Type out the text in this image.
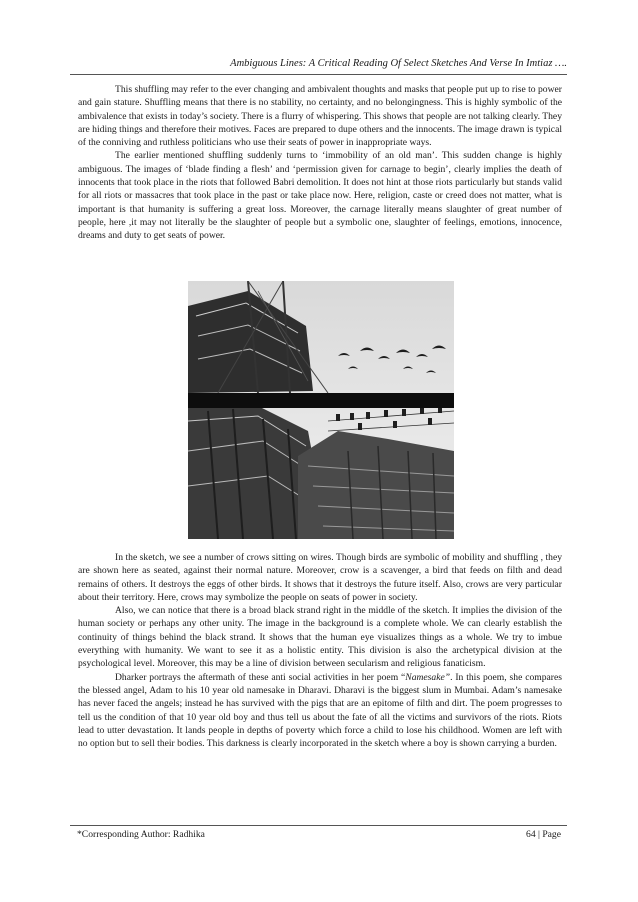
Ambiguous Lines: A Critical Reading Of Select Sketches And Verse In Imtiaz ….

This shuffling may refer to the ever changing and ambivalent thoughts and masks that people put up to rise to power and gain stature. Shuffling means that there is no stability, no certainty, and no belongingness. This is highly symbolic of the ambivalence that exists in today’s society. There is a flurry of whispering. This shows that people are not talking clearly. They are hiding things and therefore their motives. Faces are prepared to dupe others and the innocents. The image drawn is typical of the conniving and ruthless politicians who use their seats of power in inappropriate ways.

The earlier mentioned shuffling suddenly turns to ‘immobility of an old man’. This sudden change is highly ambiguous. The images of ‘blade finding a flesh’ and ‘permission given for carnage to begin’, clearly implies the death of innocents that took place in the riots that followed Babri demolition. It does not hint at those riots particularly but stands valid for all riots or massacres that took place in the past or take place now. Here, religion, caste or creed does not matter, what is important is that humanity is suffering a great loss. Moreover, the carnage literally means slaughter of great number of people, here ,it may not literally be the slaughter of people but a symbolic one, slaughter of feelings, emotions, innocence, dreams and duty to get seats of power.

In the sketch, we see a number of crows sitting on wires. Though birds are symbolic of mobility and shuffling , they are shown here as seated, against their normal nature. Moreover, crow is a scavenger, a bird that feeds on filth and dead remains of others. It destroys the eggs of other birds. It shows that it destroys the future itself. Also, crows are very particular about their territory. Here, crows may symbolize the people on seats of power in society.

Also, we can notice that there is a broad black strand right in the middle of the sketch. It implies the division of the human society or perhaps any other unity. The image in the background is a complete whole. We can clearly establish the continuity of things behind the black strand. It shows that the human eye visualizes things as a whole. We try to imbue everything with humanity. We want to see it as a holistic entity. This division is also the archetypical division at the psychological level. Moreover, this may be a line of division between secularism and religious fanaticism.

Dharker portrays the aftermath of these anti social activities in her poem “Namesake”. In this poem, she compares the blessed angel, Adam to his 10 year old namesake in Dharavi. Dharavi is the biggest slum in Mumbai. Adam’s namesake has never faced the angels; instead he has survived with the pigs that are an epitome of filth and dirt. The poem progresses to tell us the condition of that 10 year old boy and thus tell us about the fate of all the victims and survivors of the riots. Riots lead to utter devastation. It lands people in depths of poverty which force a child to lose his childhood. Women are left with no option but to sell their bodies. This darkness is clearly incorporated in the sketch where a boy is shown carrying a burden.

*Corresponding Author: Radhika	64 | Page
